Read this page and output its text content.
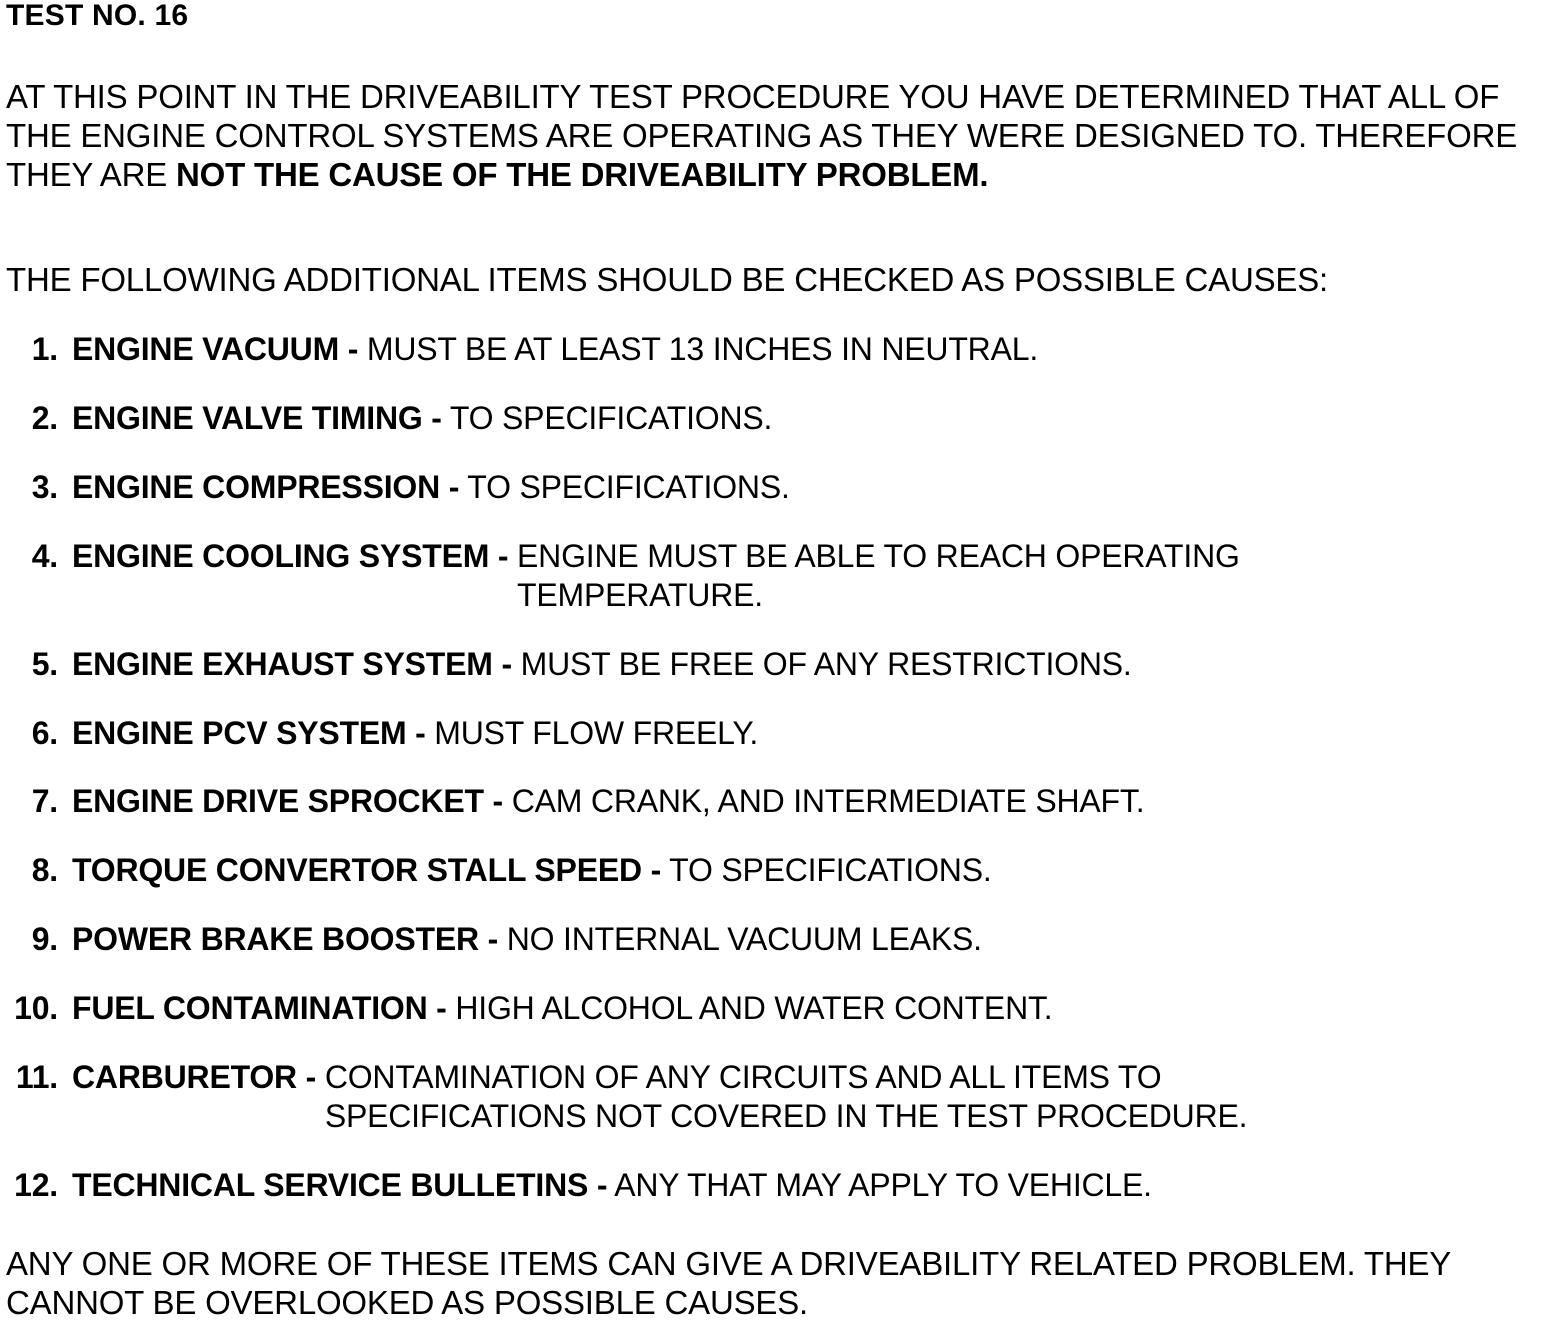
TEST NO. 16
AT THIS POINT IN THE DRIVEABILITY TEST PROCEDURE YOU HAVE DETERMINED THAT ALL OF THE ENGINE CONTROL SYSTEMS ARE OPERATING AS THEY WERE DESIGNED TO. THEREFORE THEY ARE NOT THE CAUSE OF THE DRIVEABILITY PROBLEM.
THE FOLLOWING ADDITIONAL ITEMS SHOULD BE CHECKED AS POSSIBLE CAUSES:
1. ENGINE VACUUM - MUST BE AT LEAST 13 INCHES IN NEUTRAL.
2. ENGINE VALVE TIMING - TO SPECIFICATIONS.
3. ENGINE COMPRESSION - TO SPECIFICATIONS.
4. ENGINE COOLING SYSTEM - ENGINE MUST BE ABLE TO REACH OPERATING TEMPERATURE.
5. ENGINE EXHAUST SYSTEM - MUST BE FREE OF ANY RESTRICTIONS.
6. ENGINE PCV SYSTEM - MUST FLOW FREELY.
7. ENGINE DRIVE SPROCKET - CAM CRANK, AND INTERMEDIATE SHAFT.
8. TORQUE CONVERTOR STALL SPEED - TO SPECIFICATIONS.
9. POWER BRAKE BOOSTER - NO INTERNAL VACUUM LEAKS.
10. FUEL CONTAMINATION - HIGH ALCOHOL AND WATER CONTENT.
11. CARBURETOR - CONTAMINATION OF ANY CIRCUITS AND ALL ITEMS TO SPECIFICATIONS NOT COVERED IN THE TEST PROCEDURE.
12. TECHNICAL SERVICE BULLETINS - ANY THAT MAY APPLY TO VEHICLE.
ANY ONE OR MORE OF THESE ITEMS CAN GIVE A DRIVEABILITY RELATED PROBLEM. THEY CANNOT BE OVERLOOKED AS POSSIBLE CAUSES.
